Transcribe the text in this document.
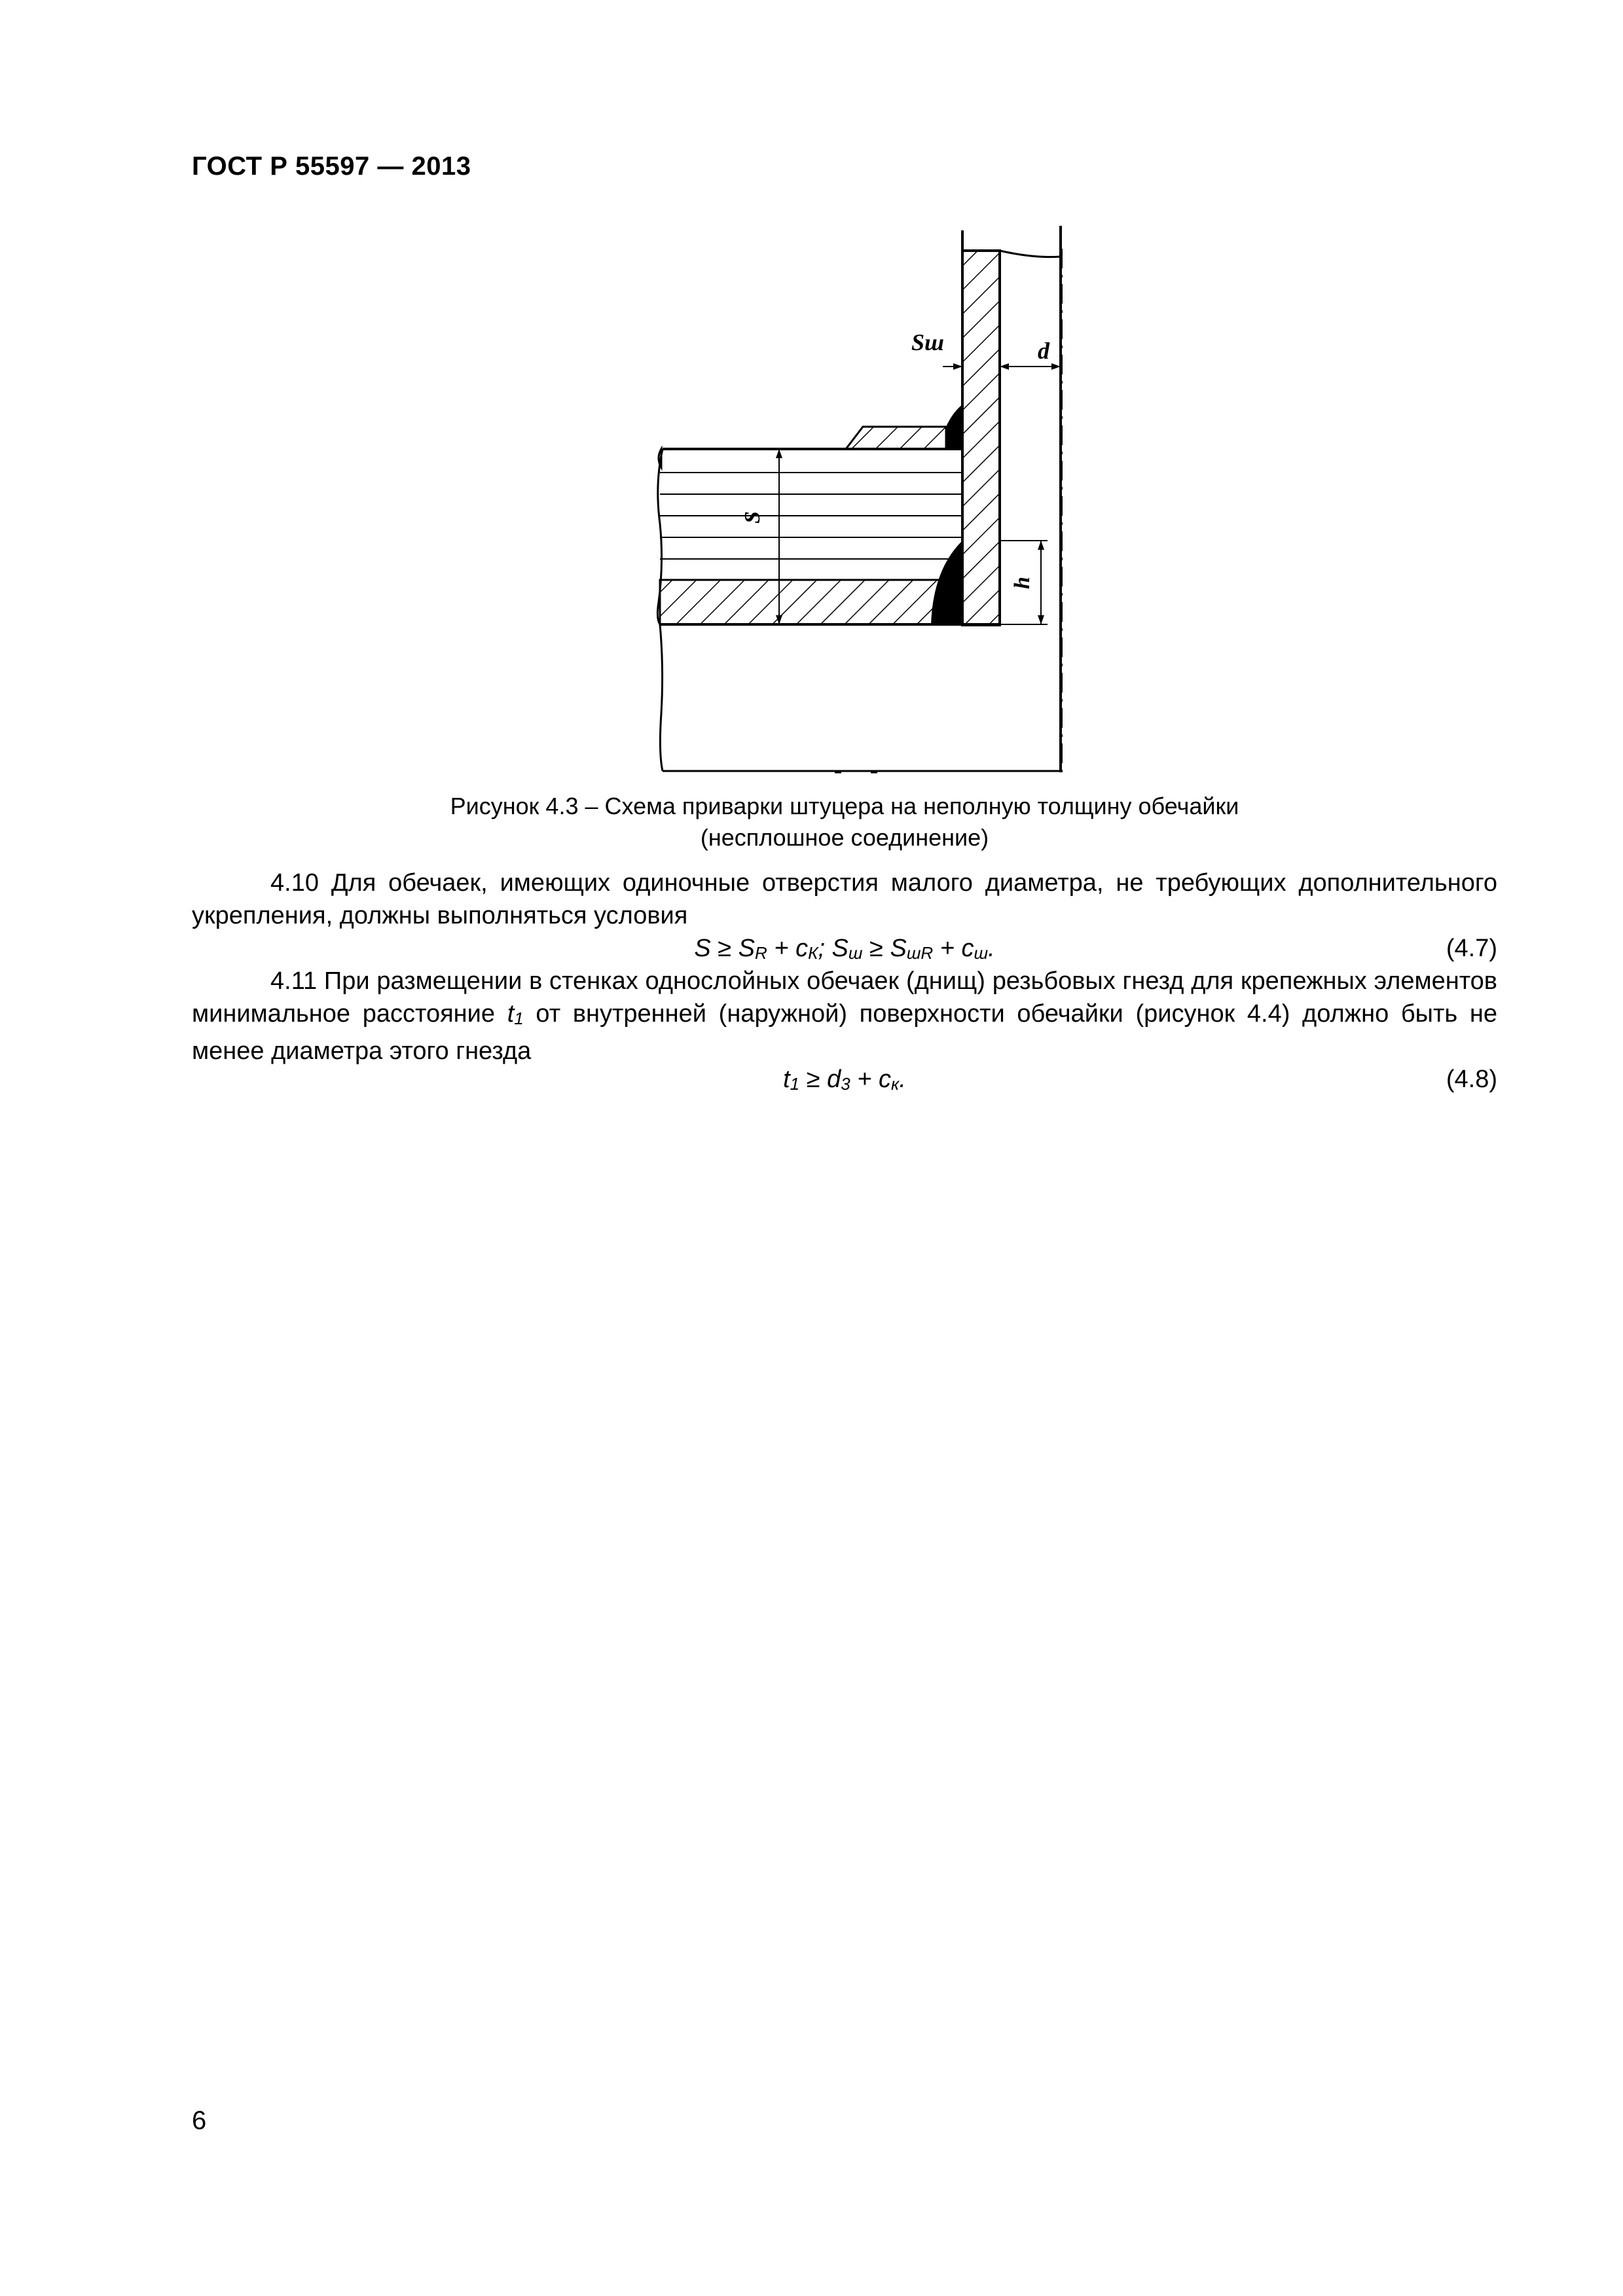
ГОСТ Р 55597 — 2013
S
h
Sш	d
Рисунок 4.3 – Схема приварки штуцера на неполную толщину обечайки
(несплошное соединение)
4.10 Для обечаек, имеющих одиночные отверстия малого диаметра, не требующих дополнительного укрепления, должны выполняться условия
S ≥ SR + cК; Sш ≥ SшR + cш.	(4.7)
4.11 При размещении в стенках однослойных обечаек (днищ) резьбовых гнезд для крепежных элементов минимальное расстояние t1 от внутренней (наружной) поверхности обечайки (рисунок 4.4) должно быть не менее диаметра этого гнезда
t1 ≥ d3 + cк.	(4.8)
6
